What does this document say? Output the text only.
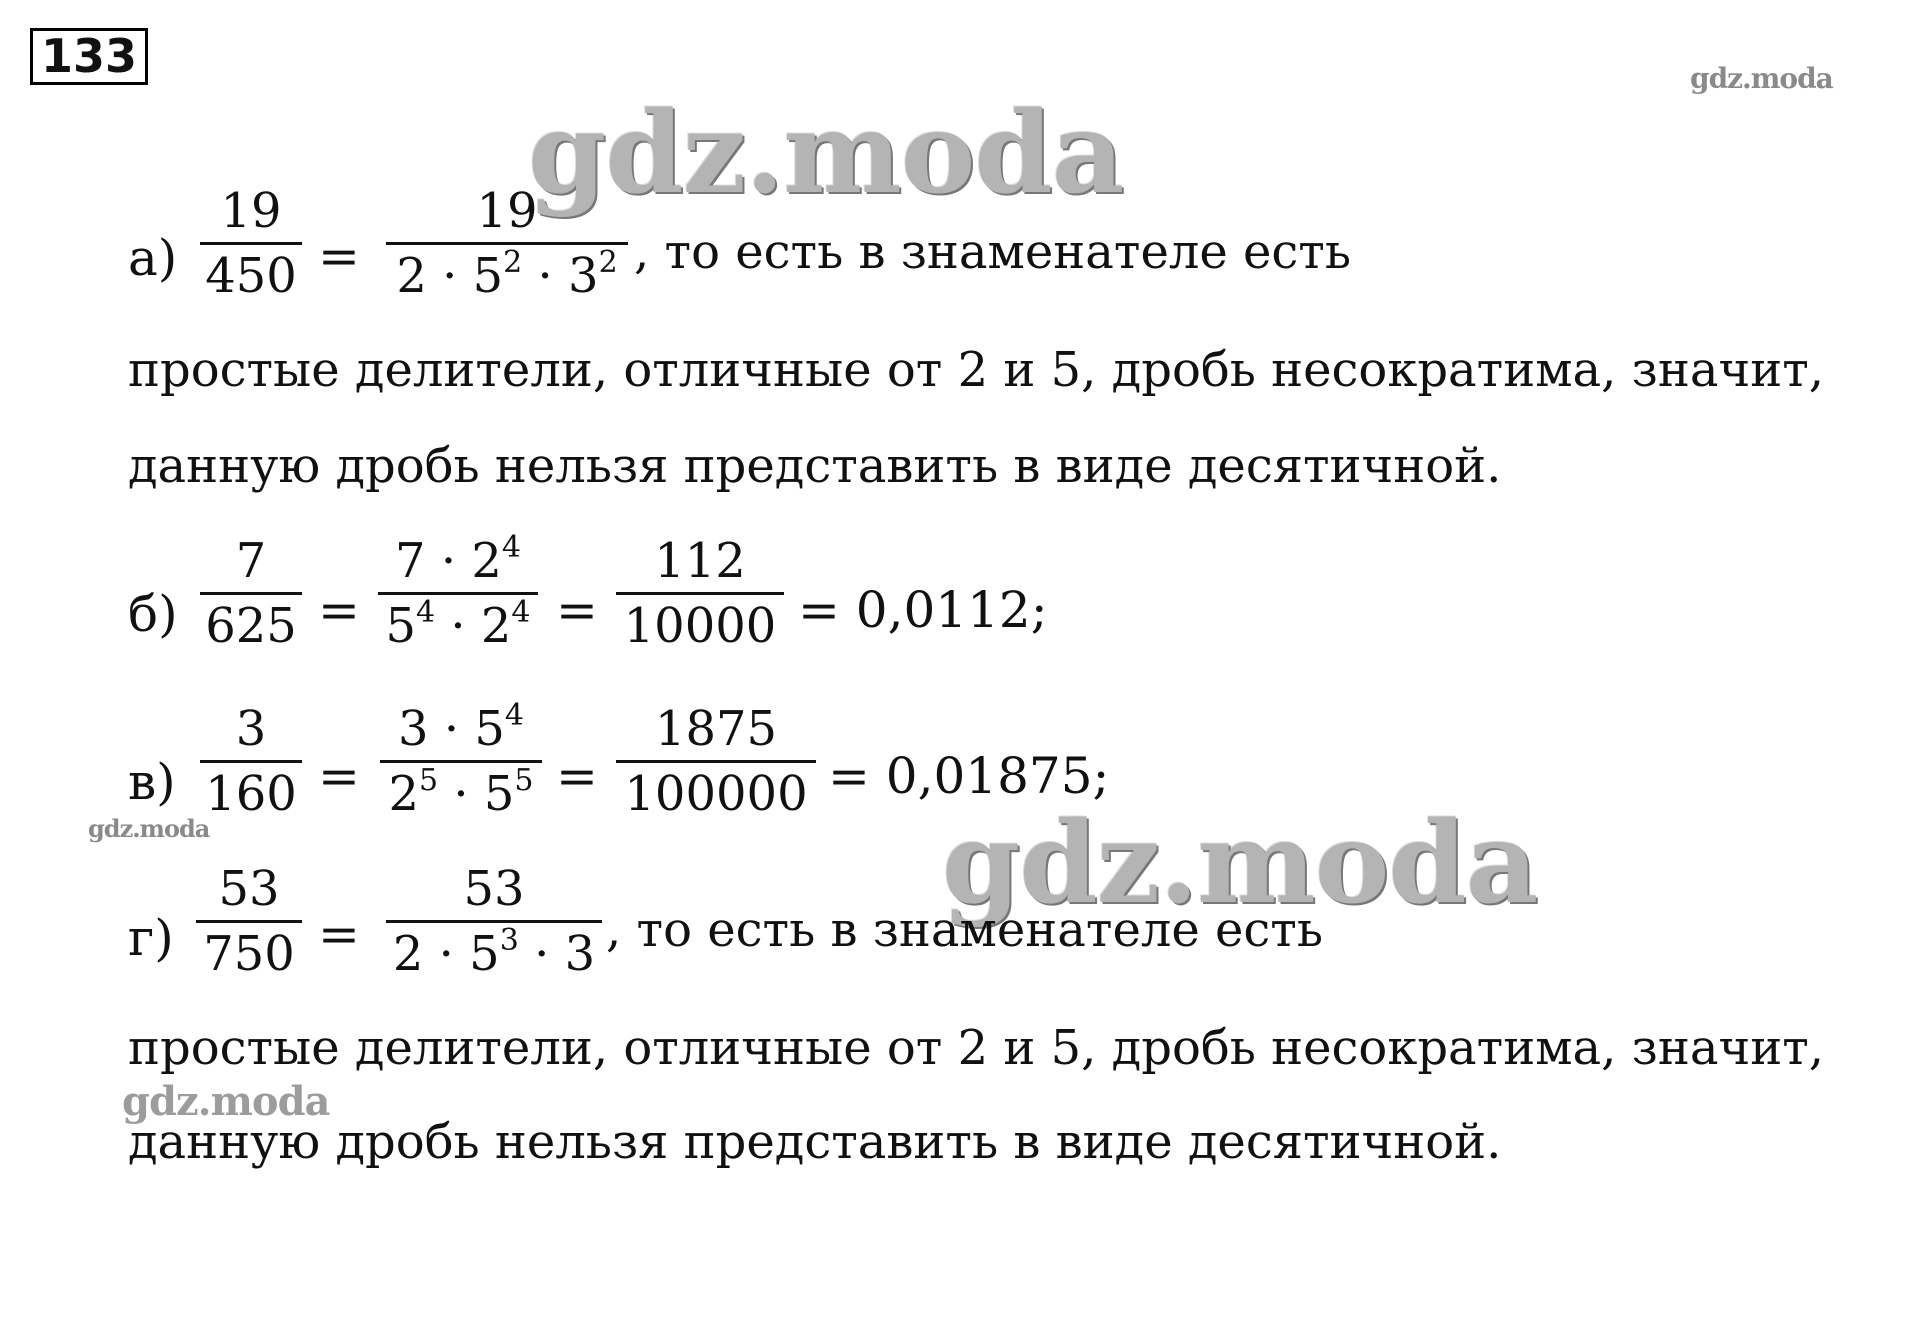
133	gdz.moda
gdz.moda
gdz.moda	gdz.moda
gdz.moda
а)
19
450 =
19
$2 \cdot 5^2 \cdot 3^2$ , то есть в знаменателе есть
простые делители, отличные от 2 и 5, дробь несократима, значит,
данную дробь нельзя представить в виде десятичной.
б)
7
625 =
$7 \cdot 2^4$
$5^4 \cdot 2^4$ =
112
10000 = 0,0112;
в)
3
160 =
$3 \cdot 5^4$
$2^5 \cdot 5^5$ =
1875
100000 = 0,01875;
г)
53
750 =
53
$2 \cdot 5^3 \cdot 3$ , то есть в знаменателе есть
простые делители, отличные от 2 и 5, дробь несократима, значит,
данную дробь нельзя представить в виде десятичной.
